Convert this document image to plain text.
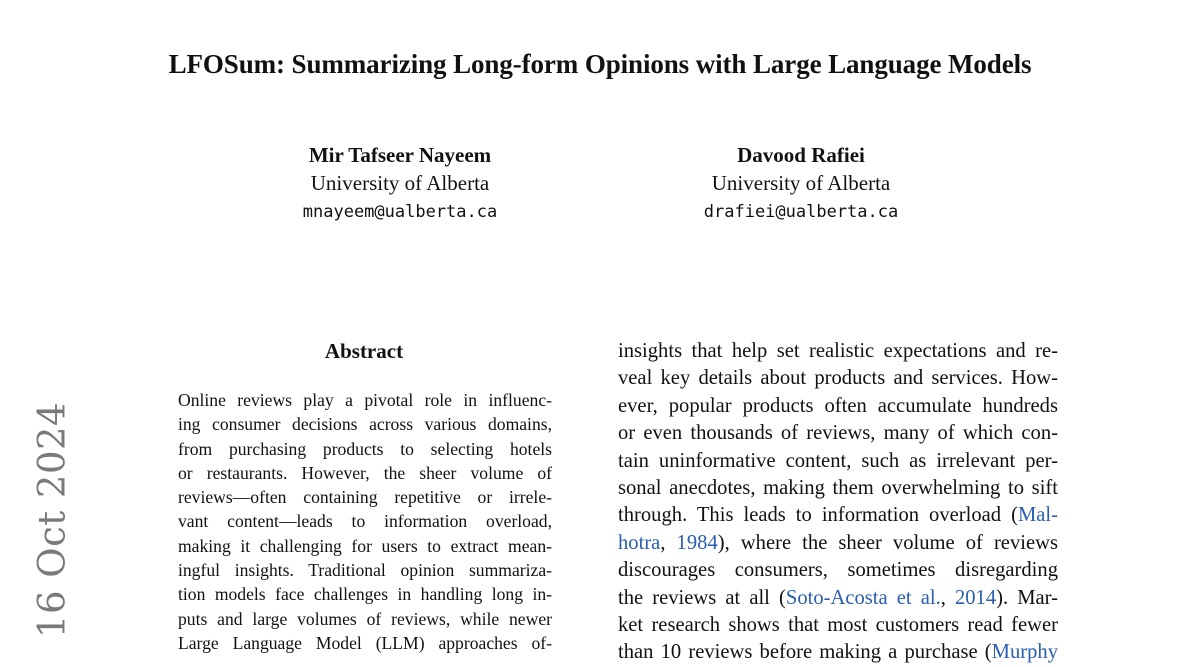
LFOSum: Summarizing Long-form Opinions with Large Language Models
Mir Tafseer Nayeem
University of Alberta
mnayeem@ualberta.ca
Davood Rafiei
University of Alberta
drafiei@ualberta.ca
Abstract
Online reviews play a pivotal role in influenc-
ing consumer decisions across various domains,
from purchasing products to selecting hotels
or restaurants. However, the sheer volume of
reviews—often containing repetitive or irrele-
vant content—leads to information overload,
making it challenging for users to extract mean-
ingful insights. Traditional opinion summariza-
tion models face challenges in handling long in-
puts and large volumes of reviews, while newer
Large Language Model (LLM) approaches of-
insights that help set realistic expectations and re-
veal key details about products and services. How-
ever, popular products often accumulate hundreds
or even thousands of reviews, many of which con-
tain uninformative content, such as irrelevant per-
sonal anecdotes, making them overwhelming to sift
through. This leads to information overload (Mal-
hotra, 1984), where the sheer volume of reviews
discourages consumers, sometimes disregarding
the reviews at all (Soto-Acosta et al., 2014). Mar-
ket research shows that most customers read fewer
than 10 reviews before making a purchase (Murphy
16 Oct 2024
